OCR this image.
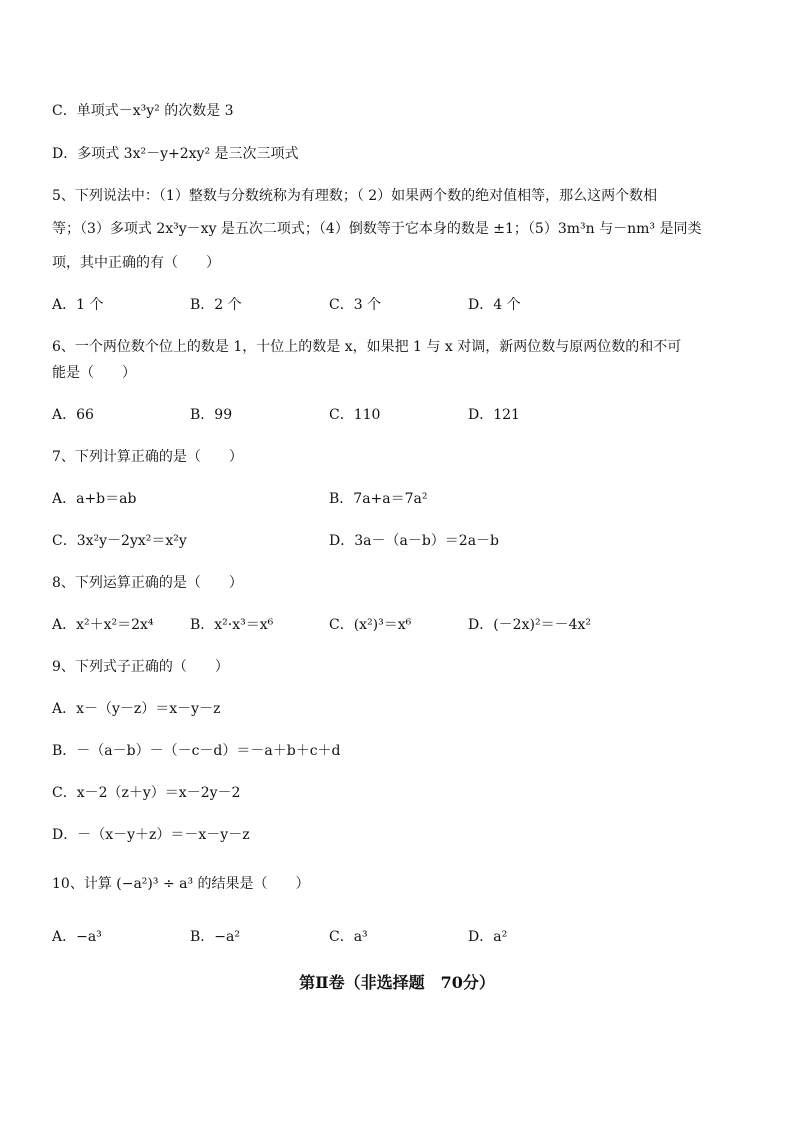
C．单项式－x³y² 的次数是 3
D．多项式 3x²－y+2xy² 是三次三项式
5、下列说法中：（1）整数与分数统称为有理数；（ 2）如果两个数的绝对值相等，那么这两个数相
等；（3）多项式 2x³y－xy 是五次二项式；（4）倒数等于它本身的数是 ±1；（5）3m³n 与－nm³ 是同类
项，其中正确的有（　　）
A．1 个	B．2 个	C．3 个	D．4 个
6、一个两位数个位上的数是 1，十位上的数是 x，如果把 1 与 x 对调，新两位数与原两位数的和不可
能是（　　）
A．66	B．99	C．110	D．121
7、下列计算正确的是（　　）
A．a+b＝ab	B．7a+a＝7a²
C．3x²y－2yx²＝x²y	D．3a－（a－b）＝2a－b
8、下列运算正确的是（　　）
A．x²＋x²＝2x⁴	B．x²·x³＝x⁶	C．(x²)³＝x⁶	D．(－2x)²＝－4x²
9、下列式子正确的（　　）
A．x－（y－z）＝x－y－z
B．－（a－b）－（－c－d）＝－a＋b＋c＋d
C．x－2（z＋y）＝x－2y－2
D．－（x－y＋z）＝－x－y－z
10、计算 (−a²)³ ÷ a³ 的结果是（　　）
A．−a³	B．−a²	C．a³	D．a²
第Ⅱ卷（非选择题　70分）
